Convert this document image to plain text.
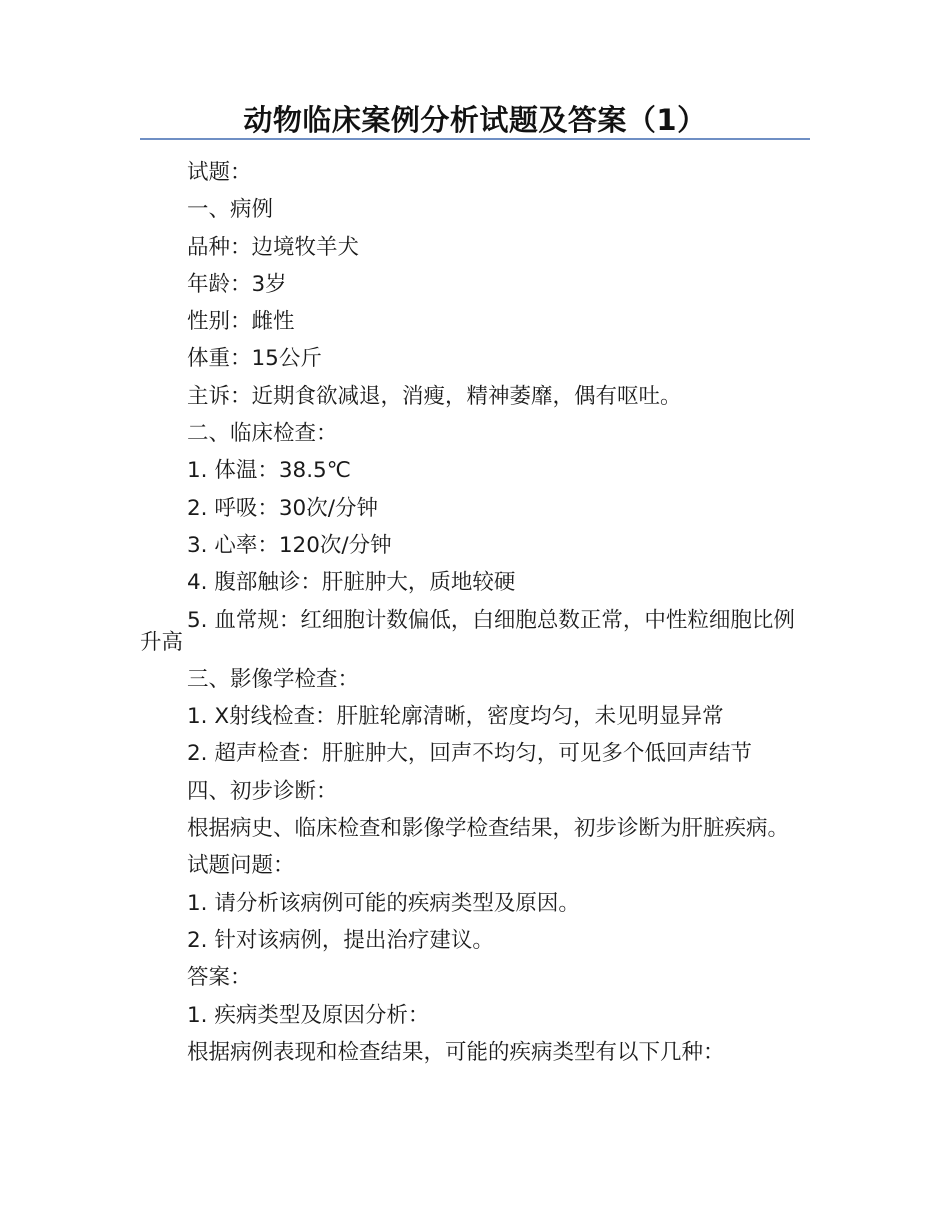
动物临床案例分析试题及答案（1）

试题：

一、病例

品种：边境牧羊犬

年龄：3岁

性别：雌性

体重：15公斤

主诉：近期食欲减退，消瘦，精神萎靡，偶有呕吐。

二、临床检查：

1. 体温：38.5℃

2. 呼吸：30次/分钟

3. 心率：120次/分钟

4. 腹部触诊：肝脏肿大，质地较硬

5. 血常规：红细胞计数偏低，白细胞总数正常，中性粒细胞比例升高

三、影像学检查：

1. X射线检查：肝脏轮廓清晰，密度均匀，未见明显异常

2. 超声检查：肝脏肿大，回声不均匀，可见多个低回声结节

四、初步诊断：

根据病史、临床检查和影像学检查结果，初步诊断为肝脏疾病。

试题问题：

1. 请分析该病例可能的疾病类型及原因。

2. 针对该病例，提出治疗建议。

答案：

1. 疾病类型及原因分析：

根据病例表现和检查结果，可能的疾病类型有以下几种：
